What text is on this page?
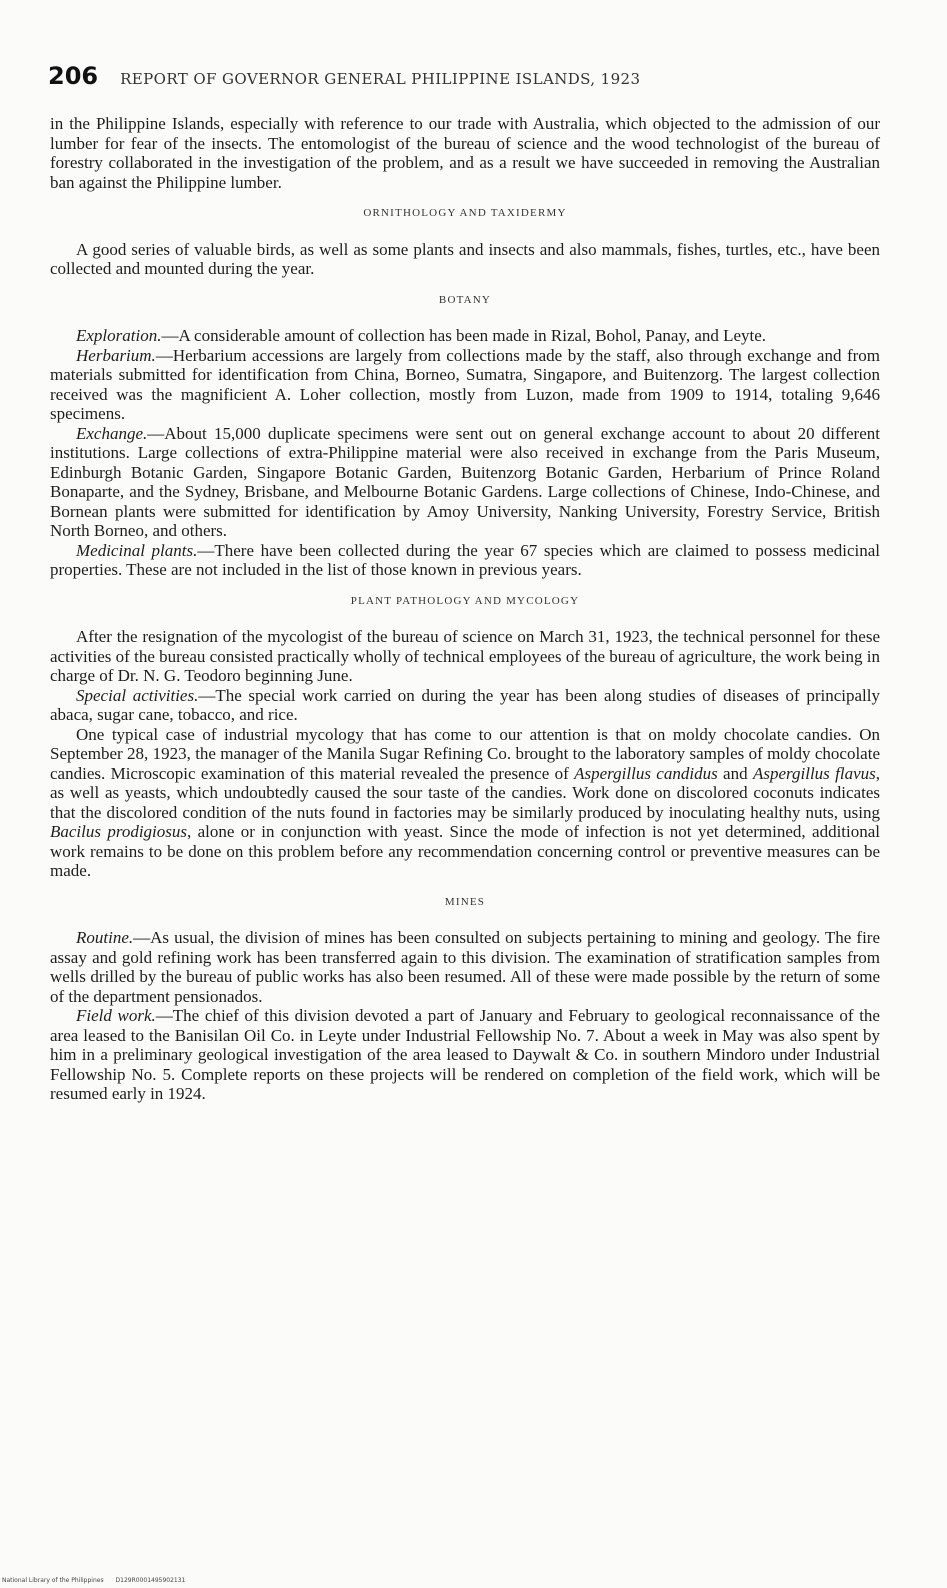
206 REPORT OF GOVERNOR GENERAL PHILIPPINE ISLANDS, 1923

in the Philippine Islands, especially with reference to our trade with Australia, which objected to the admission of our lumber for fear of the insects. The entomologist of the bureau of science and the wood technologist of the bureau of forestry collaborated in the investigation of the problem, and as a result we have succeeded in removing the Australian ban against the Philippine lumber.

ORNITHOLOGY AND TAXIDERMY

A good series of valuable birds, as well as some plants and insects and also mammals, fishes, turtles, etc., have been collected and mounted during the year.

BOTANY

Exploration.—A considerable amount of collection has been made in Rizal, Bohol, Panay, and Leyte.

Herbarium.—Herbarium accessions are largely from collections made by the staff, also through exchange and from materials submitted for identification from China, Borneo, Sumatra, Singapore, and Buitenzorg. The largest collection received was the magnificient A. Loher collection, mostly from Luzon, made from 1909 to 1914, totaling 9,646 specimens.

Exchange.—About 15,000 duplicate specimens were sent out on general exchange account to about 20 different institutions. Large collections of extra-Philippine material were also received in exchange from the Paris Museum, Edinburgh Botanic Garden, Singapore Botanic Garden, Buitenzorg Botanic Garden, Herbarium of Prince Roland Bonaparte, and the Sydney, Brisbane, and Melbourne Botanic Gardens. Large collections of Chinese, Indo-Chinese, and Bornean plants were submitted for identification by Amoy University, Nanking University, Forestry Service, British North Borneo, and others.

Medicinal plants.—There have been collected during the year 67 species which are claimed to possess medicinal properties. These are not included in the list of those known in previous years.

PLANT PATHOLOGY AND MYCOLOGY

After the resignation of the mycologist of the bureau of science on March 31, 1923, the technical personnel for these activities of the bureau consisted practically wholly of technical employees of the bureau of agriculture, the work being in charge of Dr. N. G. Teodoro beginning June.

Special activities.—The special work carried on during the year has been along studies of diseases of principally abaca, sugar cane, tobacco, and rice.

One typical case of industrial mycology that has come to our attention is that on moldy chocolate candies. On September 28, 1923, the manager of the Manila Sugar Refining Co. brought to the laboratory samples of moldy chocolate candies. Microscopic examination of this material revealed the presence of Aspergillus candidus and Aspergillus flavus, as well as yeasts, which undoubtedly caused the sour taste of the candies. Work done on discolored coconuts indicates that the discolored condition of the nuts found in factories may be similarly produced by inoculating healthy nuts, using Bacilus prodigiosus, alone or in conjunction with yeast. Since the mode of infection is not yet determined, additional work remains to be done on this problem before any recommendation concerning control or preventive measures can be made.

MINES

Routine.—As usual, the division of mines has been consulted on subjects pertaining to mining and geology. The fire assay and gold refining work has been transferred again to this division. The examination of stratification samples from wells drilled by the bureau of public works has also been resumed. All of these were made possible by the return of some of the department pensionados.

Field work.—The chief of this division devoted a part of January and February to geological reconnaissance of the area leased to the Banisilan Oil Co. in Leyte under Industrial Fellowship No. 7. About a week in May was also spent by him in a preliminary geological investigation of the area leased to Daywalt & Co. in southern Mindoro under Industrial Fellowship No. 5. Complete reports on these projects will be rendered on completion of the field work, which will be resumed early in 1924.

National Library of the Philippines D129R0001495902131
